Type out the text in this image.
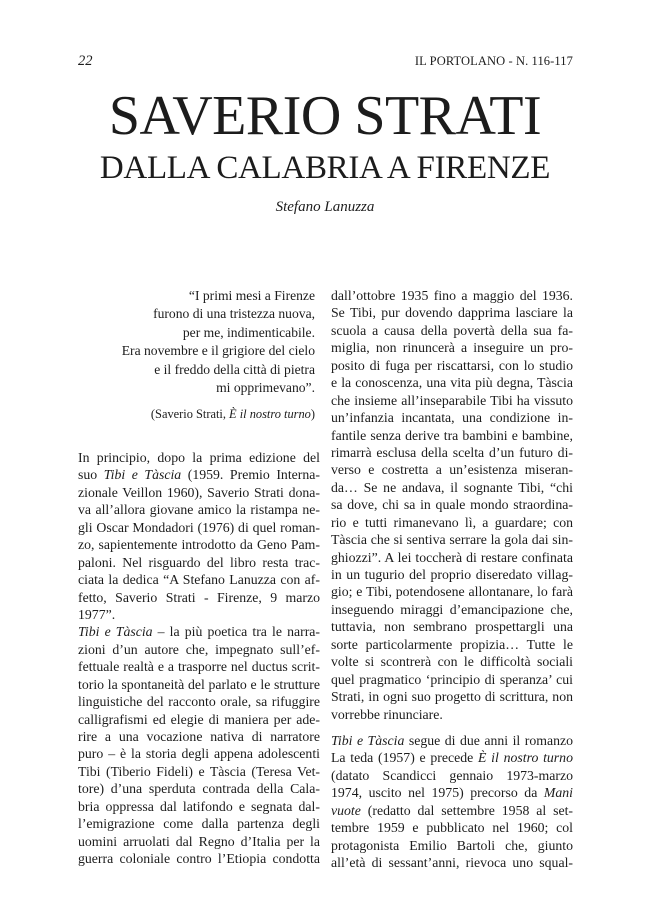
22	IL PORTOLANO - N. 116-117
SAVERIO STRATI
DALLA CALABRIA A FIRENZE
Stefano Lanuzza
“I primi mesi a Firenze
furono di una tristezza nuova,
per me, indimenticabile.
Era novembre e il grigiore del cielo
e il freddo della città di pietra
mi opprimevano”.
(Saverio Strati, È il nostro turno)
In principio, dopo la prima edizione del
suo Tibi e Tàscia (1959. Premio Interna-
zionale Veillon 1960), Saverio Strati dona-
va all’allora giovane amico la ristampa ne-
gli Oscar Mondadori (1976) di quel roman-
zo, sapientemente introdotto da Geno Pam-
paloni. Nel risguardo del libro resta trac-
ciata la dedica “A Stefano Lanuzza con af-
fetto, Saverio Strati - Firenze, 9 marzo
1977”.
Tibi e Tàscia – la più poetica tra le narra-
zioni d’un autore che, impegnato sull’ef-
fettuale realtà e a trasporre nel ductus scrit-
torio la spontaneità del parlato e le strutture
linguistiche del racconto orale, sa rifuggire
calligrafismi ed elegie di maniera per ade-
rire a una vocazione nativa di narratore
puro – è la storia degli appena adolescenti
Tibi (Tiberio Fideli) e Tàscia (Teresa Vet-
tore) d’una sperduta contrada della Cala-
bria oppressa dal latifondo e segnata dal-
l’emigrazione come dalla partenza degli
uomini arruolati dal Regno d’Italia per la
guerra coloniale contro l’Etiopia condotta
dall’ottobre 1935 fino a maggio del 1936.
Se Tibi, pur dovendo dapprima lasciare la
scuola a causa della povertà della sua fa-
miglia, non rinuncerà a inseguire un pro-
posito di fuga per riscattarsi, con lo studio
e la conoscenza, una vita più degna, Tàscia
che insieme all’inseparabile Tibi ha vissuto
un’infanzia incantata, una condizione in-
fantile senza derive tra bambini e bambine,
rimarrà esclusa della scelta d’un futuro di-
verso e costretta a un’esistenza miseran-
da… Se ne andava, il sognante Tibi, “chi
sa dove, chi sa in quale mondo straordina-
rio e tutti rimanevano lì, a guardare; con
Tàscia che si sentiva serrare la gola dai sin-
ghiozzi”. A lei toccherà di restare confinata
in un tugurio del proprio diseredato villag-
gio; e Tibi, potendosene allontanare, lo farà
inseguendo miraggi d’emancipazione che,
tuttavia, non sembrano prospettargli una
sorte particolarmente propizia… Tutte le
volte si scontrerà con le difficoltà sociali
quel pragmatico ‘principio di speranza’ cui
Strati, in ogni suo progetto di scrittura, non
vorrebbe rinunciare.
Tibi e Tàscia segue di due anni il romanzo
La teda (1957) e precede È il nostro turno
(datato Scandicci gennaio 1973-marzo
1974, uscito nel 1975) precorso da Mani
vuote (redatto dal settembre 1958 al set-
tembre 1959 e pubblicato nel 1960; col
protagonista Emilio Bartoli che, giunto
all’età di sessant’anni, rievoca uno squal-
